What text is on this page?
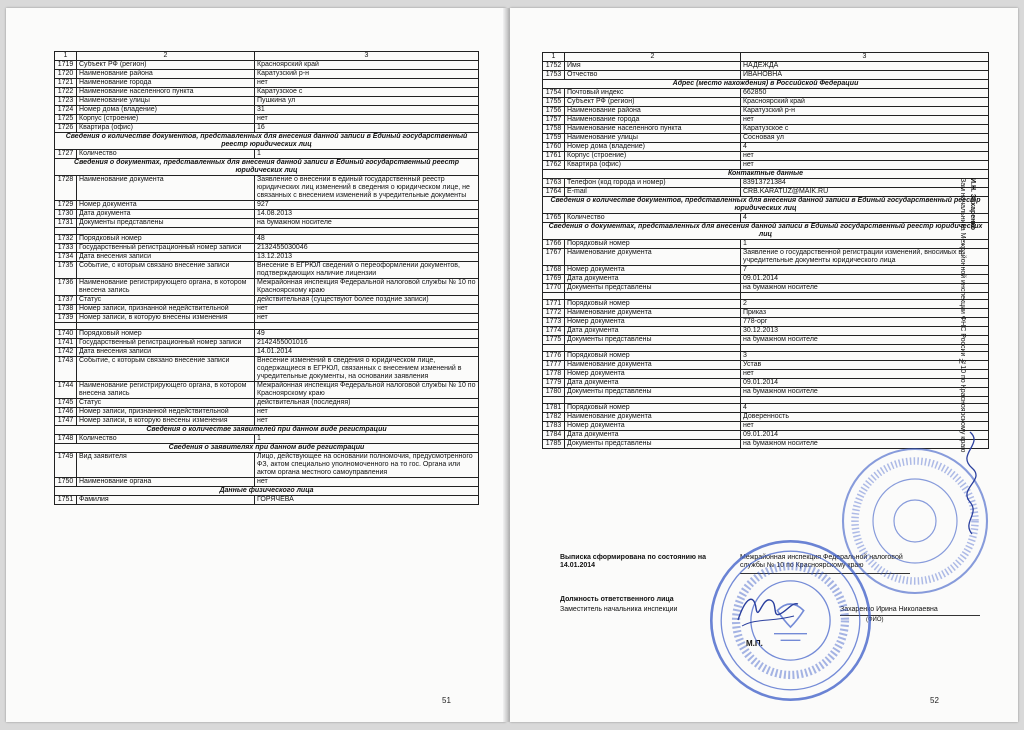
1	2	3
1719	Субъект РФ (регион)	Красноярский край
1720	Наименование района	Каратузский р-н
1721	Наименование города	нет
1722	Наименование населенного пункта	Каратузское с
1723	Наименование улицы	Пушкина ул
1724	Номер дома (владение)	31
1725	Корпус (строение)	нет
1726	Квартира (офис)	16
Сведения о количестве документов, представленных для внесения данной записи в Единый государственный реестр юридических лиц		
1727	Количество	1
Сведения о документах, представленных для внесения данной записи в Единый государственный реестр юридических лиц		
1728	Наименование документа	Заявление о внесении в единый государственный реестр юридических лиц изменений в сведения о юридическом лице, не связанных с внесением изменений в учредительные документы
1729	Номер документа	927
1730	Дата документа	14.08.2013
1731	Документы представлены	на бумажном носителе

1732	Порядковый номер	48
1733	Государственный регистрационный номер записи	2132455030046
1734	Дата внесения записи	13.12.2013
1735	Событие, с которым связано внесение записи	Внесение в ЕГРЮЛ сведений о переоформлении документов, подтверждающих наличие лицензии
1736	Наименование регистрирующего органа, в котором внесена запись	Межрайонная инспекция Федеральной налоговой службы № 10 по Красноярскому краю
1737	Статус	действительная (существуют более поздние записи)
1738	Номер записи, признанной недействительной	нет
1739	Номер записи, в которую внесены изменения	нет

1740	Порядковый номер	49
1741	Государственный регистрационный номер записи	2142455001016
1742	Дата внесения записи	14.01.2014
1743	Событие, с которым связано внесение записи	Внесение изменений в сведения о юридическом лице, содержащиеся в ЕГРЮЛ, связанных с внесением изменений в учредительные документы, на основании заявления
1744	Наименование регистрирующего органа, в котором внесена запись	Межрайонная инспекция Федеральной налоговой службы № 10 по Красноярскому краю
1745	Статус	действительная (последняя)
1746	Номер записи, признанной недействительной	нет
1747	Номер записи, в которую внесены изменения	нет
Сведения о количестве заявителей при данном виде регистрации		
1748	Количество	1
Сведения о заявителях при данном виде регистрации		
1749	Вид заявителя	Лицо, действующее на основании полномочия, предусмотренного ФЗ, актом специально уполномоченного на то гос. Органа или актом органа местного самоуправления
1750	Наименование органа	нет
Данные физического лица		
1751	Фамилия	ГОРЯЧЕВА
51
1	2	3
1752	Имя	НАДЕЖДА
1753	Отчество	ИВАНОВНА
Адрес (место нахождения) в Российской Федерации		
1754	Почтовый индекс	662850
1755	Субъект РФ (регион)	Красноярский край
1756	Наименование района	Каратузский р-н
1757	Наименование города	нет
1758	Наименование населенного пункта	Каратузское с
1759	Наименование улицы	Сосновая ул
1760	Номер дома (владение)	4
1761	Корпус (строение)	нет
1762	Квартира (офис)	нет
Контактные данные		
1763	Телефон (код города и номер)	83913721384
1764	E-mail	CRB.KARATUZ@MAIK.RU
Сведения о количестве документов, представленных для внесения данной записи в Единый государственный реестр юридических лиц		
1765	Количество	4
Сведения о документах, представленных для внесения данной записи в Единый государственный реестр юридических лиц		
1766	Порядковый номер	1
1767	Наименование документа	Заявление о государственной регистрации изменений, вносимых в учредительные документы юридического лица
1768	Номер документа	7
1769	Дата документа	09.01.2014
1770	Документы представлены	на бумажном носителе

1771	Порядковый номер	2
1772	Наименование документа	Приказ
1773	Номер документа	778-орг
1774	Дата документа	30.12.2013
1775	Документы представлены	на бумажном носителе

1776	Порядковый номер	3
1777	Наименование документа	Устав
1778	Номер документа	нет
1779	Дата документа	09.01.2014
1780	Документы представлены	на бумажном носителе

1781	Порядковый номер	4
1782	Наименование документа	Доверенность
1783	Номер документа	нет
1784	Дата документа	09.01.2014
1785	Документы представлены	на бумажном носителе
Выписка сформирована по состоянию на 14.01.2014
Межрайонная инспекция Федеральной налоговой службы № 10 по Красноярскому краю
Должность ответственного лица
Заместитель начальника инспекции	Захаренко Ирина Николаевна
(ФИО)
М.П.
Зам начальника Межрайонной инспекции ФНС России №10 по Красноярскому краю И.Н. Захаренко
52
